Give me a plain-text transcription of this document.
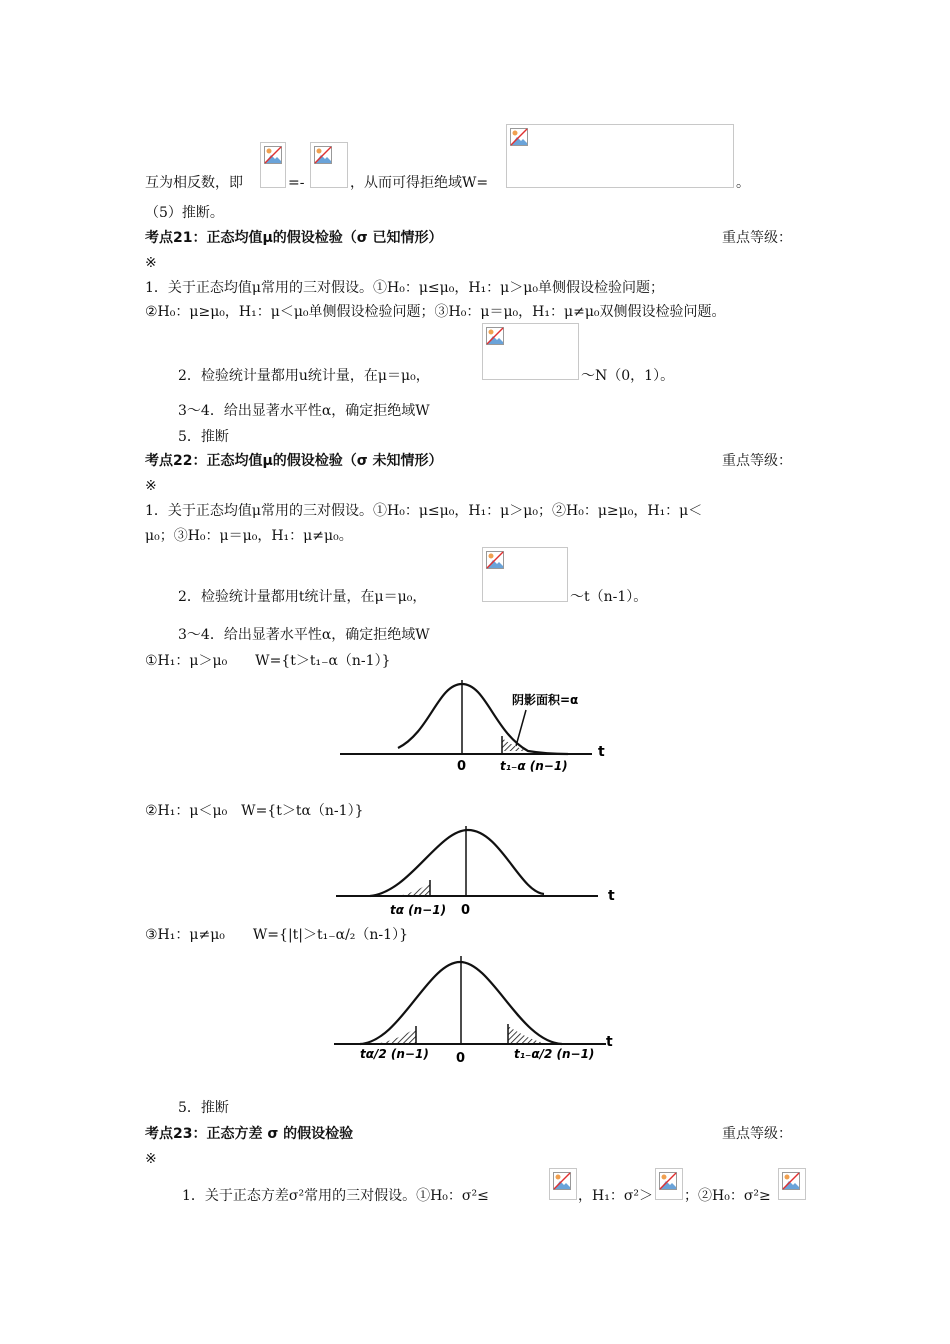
互为相反数，即	=-	，从而可得拒绝域W=	。
（5）推断。
考点21：正态均值μ的假设检验（σ 已知情形）	重点等级：
※
1．关于正态均值μ常用的三对假设。①H₀：μ≤μ₀，H₁：μ＞μ₀单侧假设检验问题；
②H₀：μ≥μ₀，H₁：μ＜μ₀单侧假设检验问题；③H₀：μ＝μ₀，H₁：μ≠μ₀双侧假设检验问题。
2．检验统计量都用u统计量，在μ＝μ₀，	～N（0，1）。
3～4．给出显著水平性α，确定拒绝域W
5．推断
考点22：正态均值μ的假设检验（σ 未知情形）	重点等级：
※
1．关于正态均值μ常用的三对假设。①H₀：μ≤μ₀，H₁：μ＞μ₀；②H₀：μ≥μ₀，H₁：μ＜
μ₀；③H₀：μ＝μ₀，H₁：μ≠μ₀。
2．检验统计量都用t统计量，在μ＝μ₀，	～t（n-1）。
3～4．给出显著水平性α，确定拒绝域W
①H₁：μ＞μ₀　　W={t＞t₁₋α（n-1）}
阴影面积=α
0
t
t₁₋α (n−1)
②H₁：μ＜μ₀　W={t＞tα（n-1）}
t
0
tα (n−1)
③H₁：μ≠μ₀　　W={|t|＞t₁₋α/₂（n-1）}
t
0
tα/2 (n−1)	t₁₋α/2 (n−1)
5．推断
考点23：正态方差 σ 的假设检验	重点等级：
※
1．关于正态方差σ²常用的三对假设。①H₀：σ²≤	，H₁：σ²＞ ；②H₀：σ²≥
